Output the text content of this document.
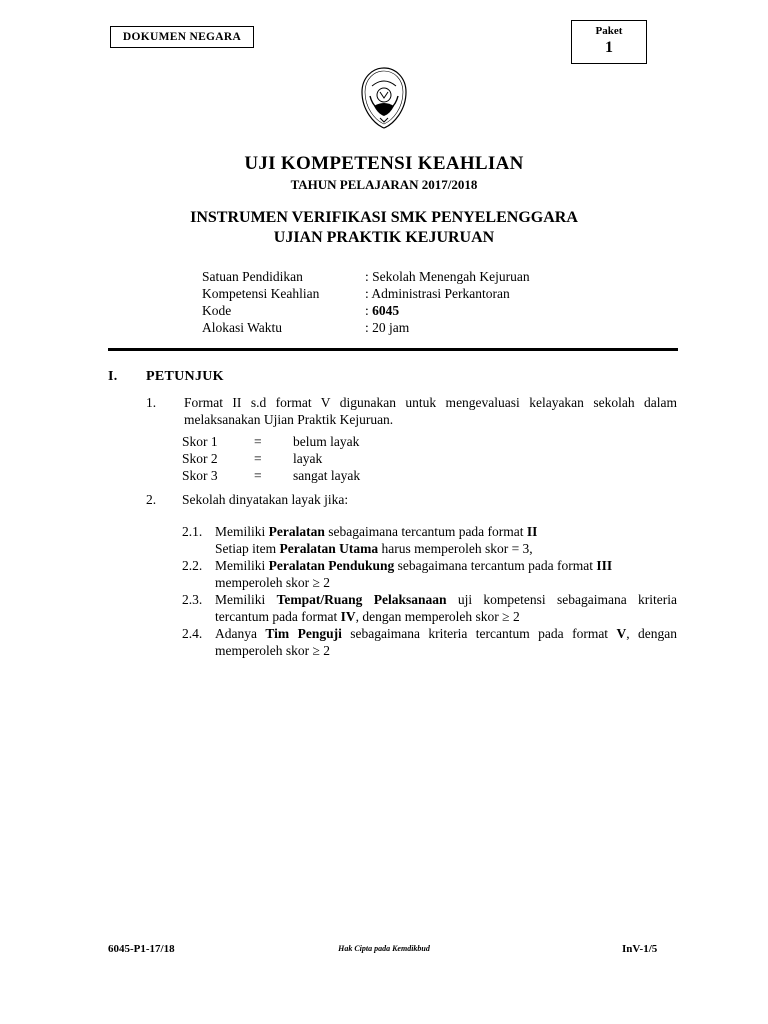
DOKUMEN NEGARA	Paket
1
UJI KOMPETENSI KEAHLIAN
TAHUN PELAJARAN 2017/2018
INSTRUMEN VERIFIKASI SMK PENYELENGGARA
UJIAN PRAKTIK KEJURUAN
Satuan Pendidikan	: Sekolah Menengah Kejuruan
Kompetensi Keahlian	: Administrasi Perkantoran
Kode	: 6045
Alokasi Waktu	: 20 jam
I. PETUNJUK
1. Format II s.d format V digunakan untuk mengevaluasi kelayakan sekolah dalam melaksanakan Ujian Praktik Kejuruan.
Skor 1	=	belum layak
Skor 2	=	layak
Skor 3	=	sangat layak
2. Sekolah dinyatakan layak jika:
2.1. Memiliki Peralatan sebagaimana tercantum pada format II
Setiap item Peralatan Utama harus memperoleh skor = 3,
2.2. Memiliki Peralatan Pendukung sebagaimana tercantum pada format III
memperoleh skor ≥ 2
2.3. Memiliki Tempat/Ruang Pelaksanaan uji kompetensi sebagaimana kriteria tercantum pada format IV, dengan memperoleh skor ≥ 2
2.4. Adanya Tim Penguji sebagaimana kriteria tercantum pada format V, dengan memperoleh skor ≥ 2
6045-P1-17/18	Hak Cipta pada Kemdikbud	InV-1/5
